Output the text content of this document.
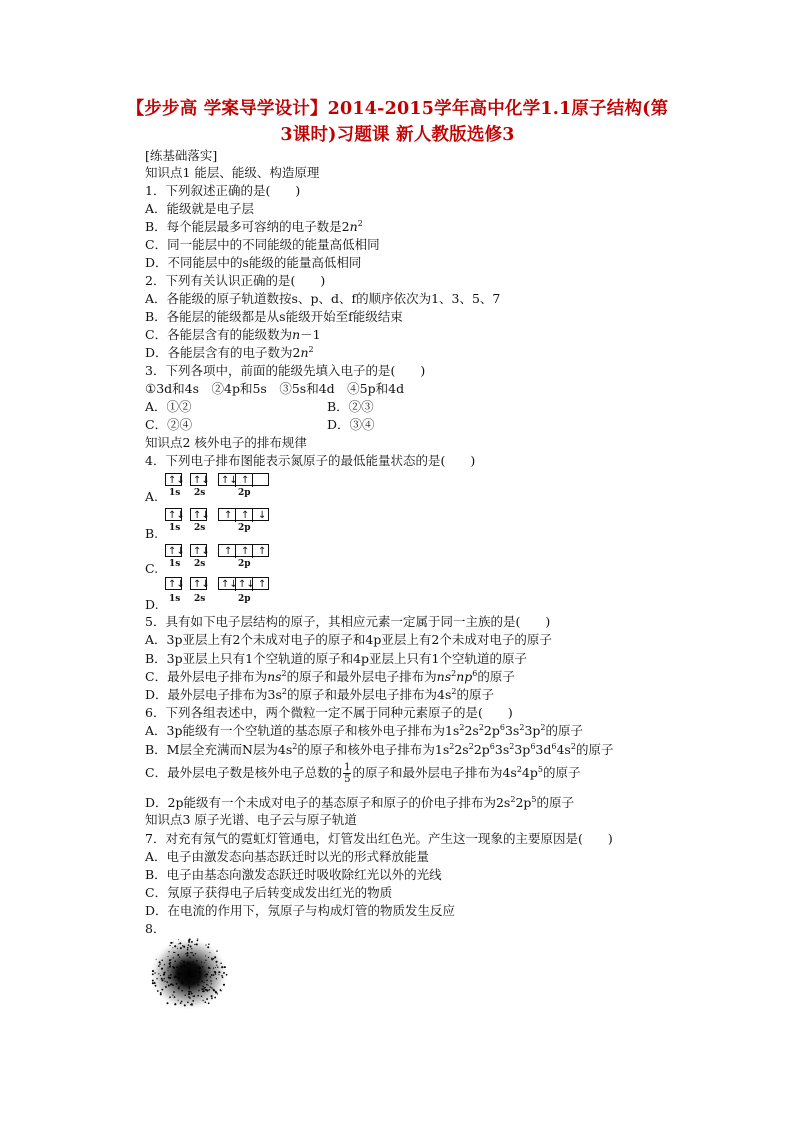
【步步高 学案导学设计】2014-2015学年高中化学1.1原子结构(第
3课时)习题课 新人教版选修3
[练基础落实]
知识点1 能层、能级、构造原理
1．下列叙述正确的是(　　)
A．能级就是电子层
B．每个能层最多可容纳的电子数是$2n^2$
C．同一能层中的不同能级的能量高低相同
D．不同能层中的s能级的能量高低相同
2．下列有关认识正确的是(　　)
A．各能级的原子轨道数按s、p、d、f的顺序依次为1、3、5、7
B．各能层的能级都是从s能级开始至f能级结束
C．各能层含有的能级数为n－1
D．各能层含有的电子数为$2n^2$
3．下列各项中，前面的能级先填入电子的是(　　)
①3d和4s　②4p和5s　③5s和4d　④5p和4d
A．①②	B．②③
C．②④	D．③④
知识点2 核外电子的排布规律
4．下列电子排布图能表示氮原子的最低能量状态的是(　　)
↑↓ ↑↓ ↑↓ ↑
1s 2s	2p
A.
↑↓ ↑↓ ↑ ↑ ↓
1s 2s	2p
B.
↑↓ ↑↓ ↑ ↑ ↑
1s 2s	2p
C.
↑↓ ↑↓ ↑↓ ↑↓ ↑
1s 2s	2p
D.
5．具有如下电子层结构的原子，其相应元素一定属于同一主族的是(　　)
A．3p亚层上有2个未成对电子的原子和4p亚层上有2个未成对电子的原子
B．3p亚层上只有1个空轨道的原子和4p亚层上只有1个空轨道的原子
C．最外层电子排布为$ns^2$的原子和最外层电子排布为$ns^2np^6$的原子
D．最外层电子排布为$3s^2$的原子和最外层电子排布为$4s^2$的原子
6．下列各组表述中，两个微粒一定不属于同种元素原子的是(　　)
A．3p能级有一个空轨道的基态原子和核外电子排布为$1s^22s^22p^63s^23p^2$的原子
B．M层全充满而N层为$4s^2$的原子和核外电子排布为$1s^22s^22p^63s^23p^63d^64s^2$的原子
C．最外层电子数是核外电子总数的 $\frac{1}{5}$ 的原子和最外层电子排布为$4s^24p^5$的原子
D．2p能级有一个未成对电子的基态原子和原子的价电子排布为$2s^22p^5$的原子
知识点3 原子光谱、电子云与原子轨道
7．对充有氖气的霓虹灯管通电，灯管发出红色光。产生这一现象的主要原因是(　　)
A．电子由激发态向基态跃迁时以光的形式释放能量
B．电子由基态向激发态跃迁时吸收除红光以外的光线
C．氖原子获得电子后转变成发出红光的物质
D．在电流的作用下，氖原子与构成灯管的物质发生反应
8．
